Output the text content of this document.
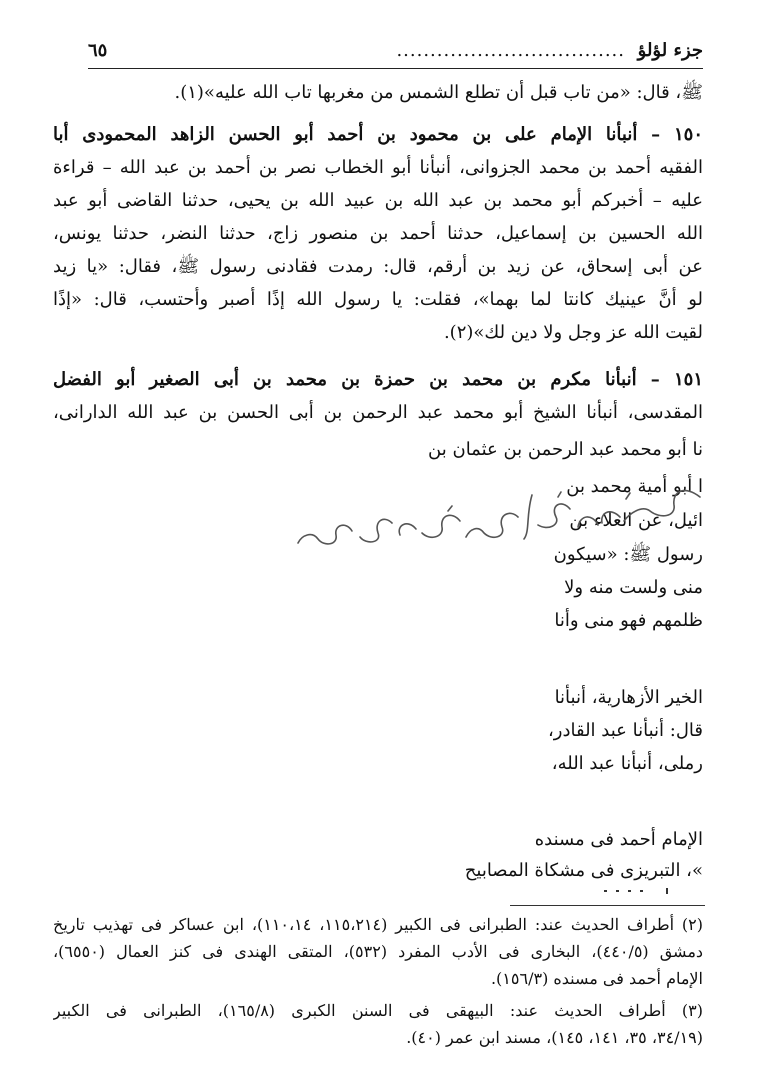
جزء لؤلؤ
..................................
٦٥
ﷺ، قال: «من تاب قبل أن تطلع الشمس من مغربها تاب الله عليه»(١).
١٥٠ – أنبأنا الإمام على بن محمود بن أحمد أبو الحسن الزاهد المحمودى أبا
الفقيه أحمد بن محمد الجزوانى، أنبأنا أبو الخطاب نصر بن أحمد بن عبد الله – قراءة
عليه – أخبركم أبو محمد بن عبد الله بن عبيد الله بن يحيى، حدثنا القاضى أبو عبد
الله الحسين بن إسماعيل، حدثنا أحمد بن منصور زاج، حدثنا النضر، حدثنا يونس،
عن أبى إسحاق، عن زيد بن أرقم، قال: رمدت فقادنى رسول ﷺ، فقال: «يا زيد
لو أنَّ عينيك كانتا لما بهما»، فقلت: يا رسول الله إذًا أصبر وأحتسب، قال: «إذًا
لقيت الله عز وجل ولا دين لك»(٢).
١٥١ – أنبأنا مكرم بن محمد بن حمزة بن محمد بن أبى الصغير أبو الفضل
المقدسى، أنبأنا الشيخ أبو محمد عبد الرحمن بن أبى الحسن بن عبد الله الدارانى،
نا أبو محمد عبد الرحمن بن عثمان بن
ا أبو أمية محمد بن
ائيل، عن العلاء بن
رسول ﷺ: «سيكون
منى ولست منه ولا
ظلمهم فهو منى وأنا
الخير الأزهارية، أنبأنا
قال: أنبأنا عبد القادر،
رملى، أنبأنا عبد الله،
الإمام أحمد فى مسنده
»، التبريزى فى مشكاة المصابيح
(٢) أطراف الحديث عند: الطبرانى فى الكبير (١١٥،٢١٤، ١١٠،١٤)، ابن عساكر فى تهذيب تاريخ
دمشق (٤٤٠/٥)، البخارى فى الأدب المفرد (٥٣٢)، المتقى الهندى فى كنز العمال (٦٥٥٠)،
الإمام أحمد فى مسنده (١٥٦/٣).
(٣) أطراف الحديث عند: البيهقى فى السنن الكبرى (١٦٥/٨)، الطبرانى فى الكبير
(٣٤/١٩، ٣٥، ١٤١، ١٤٥)، مسند ابن عمر (٤٠).
